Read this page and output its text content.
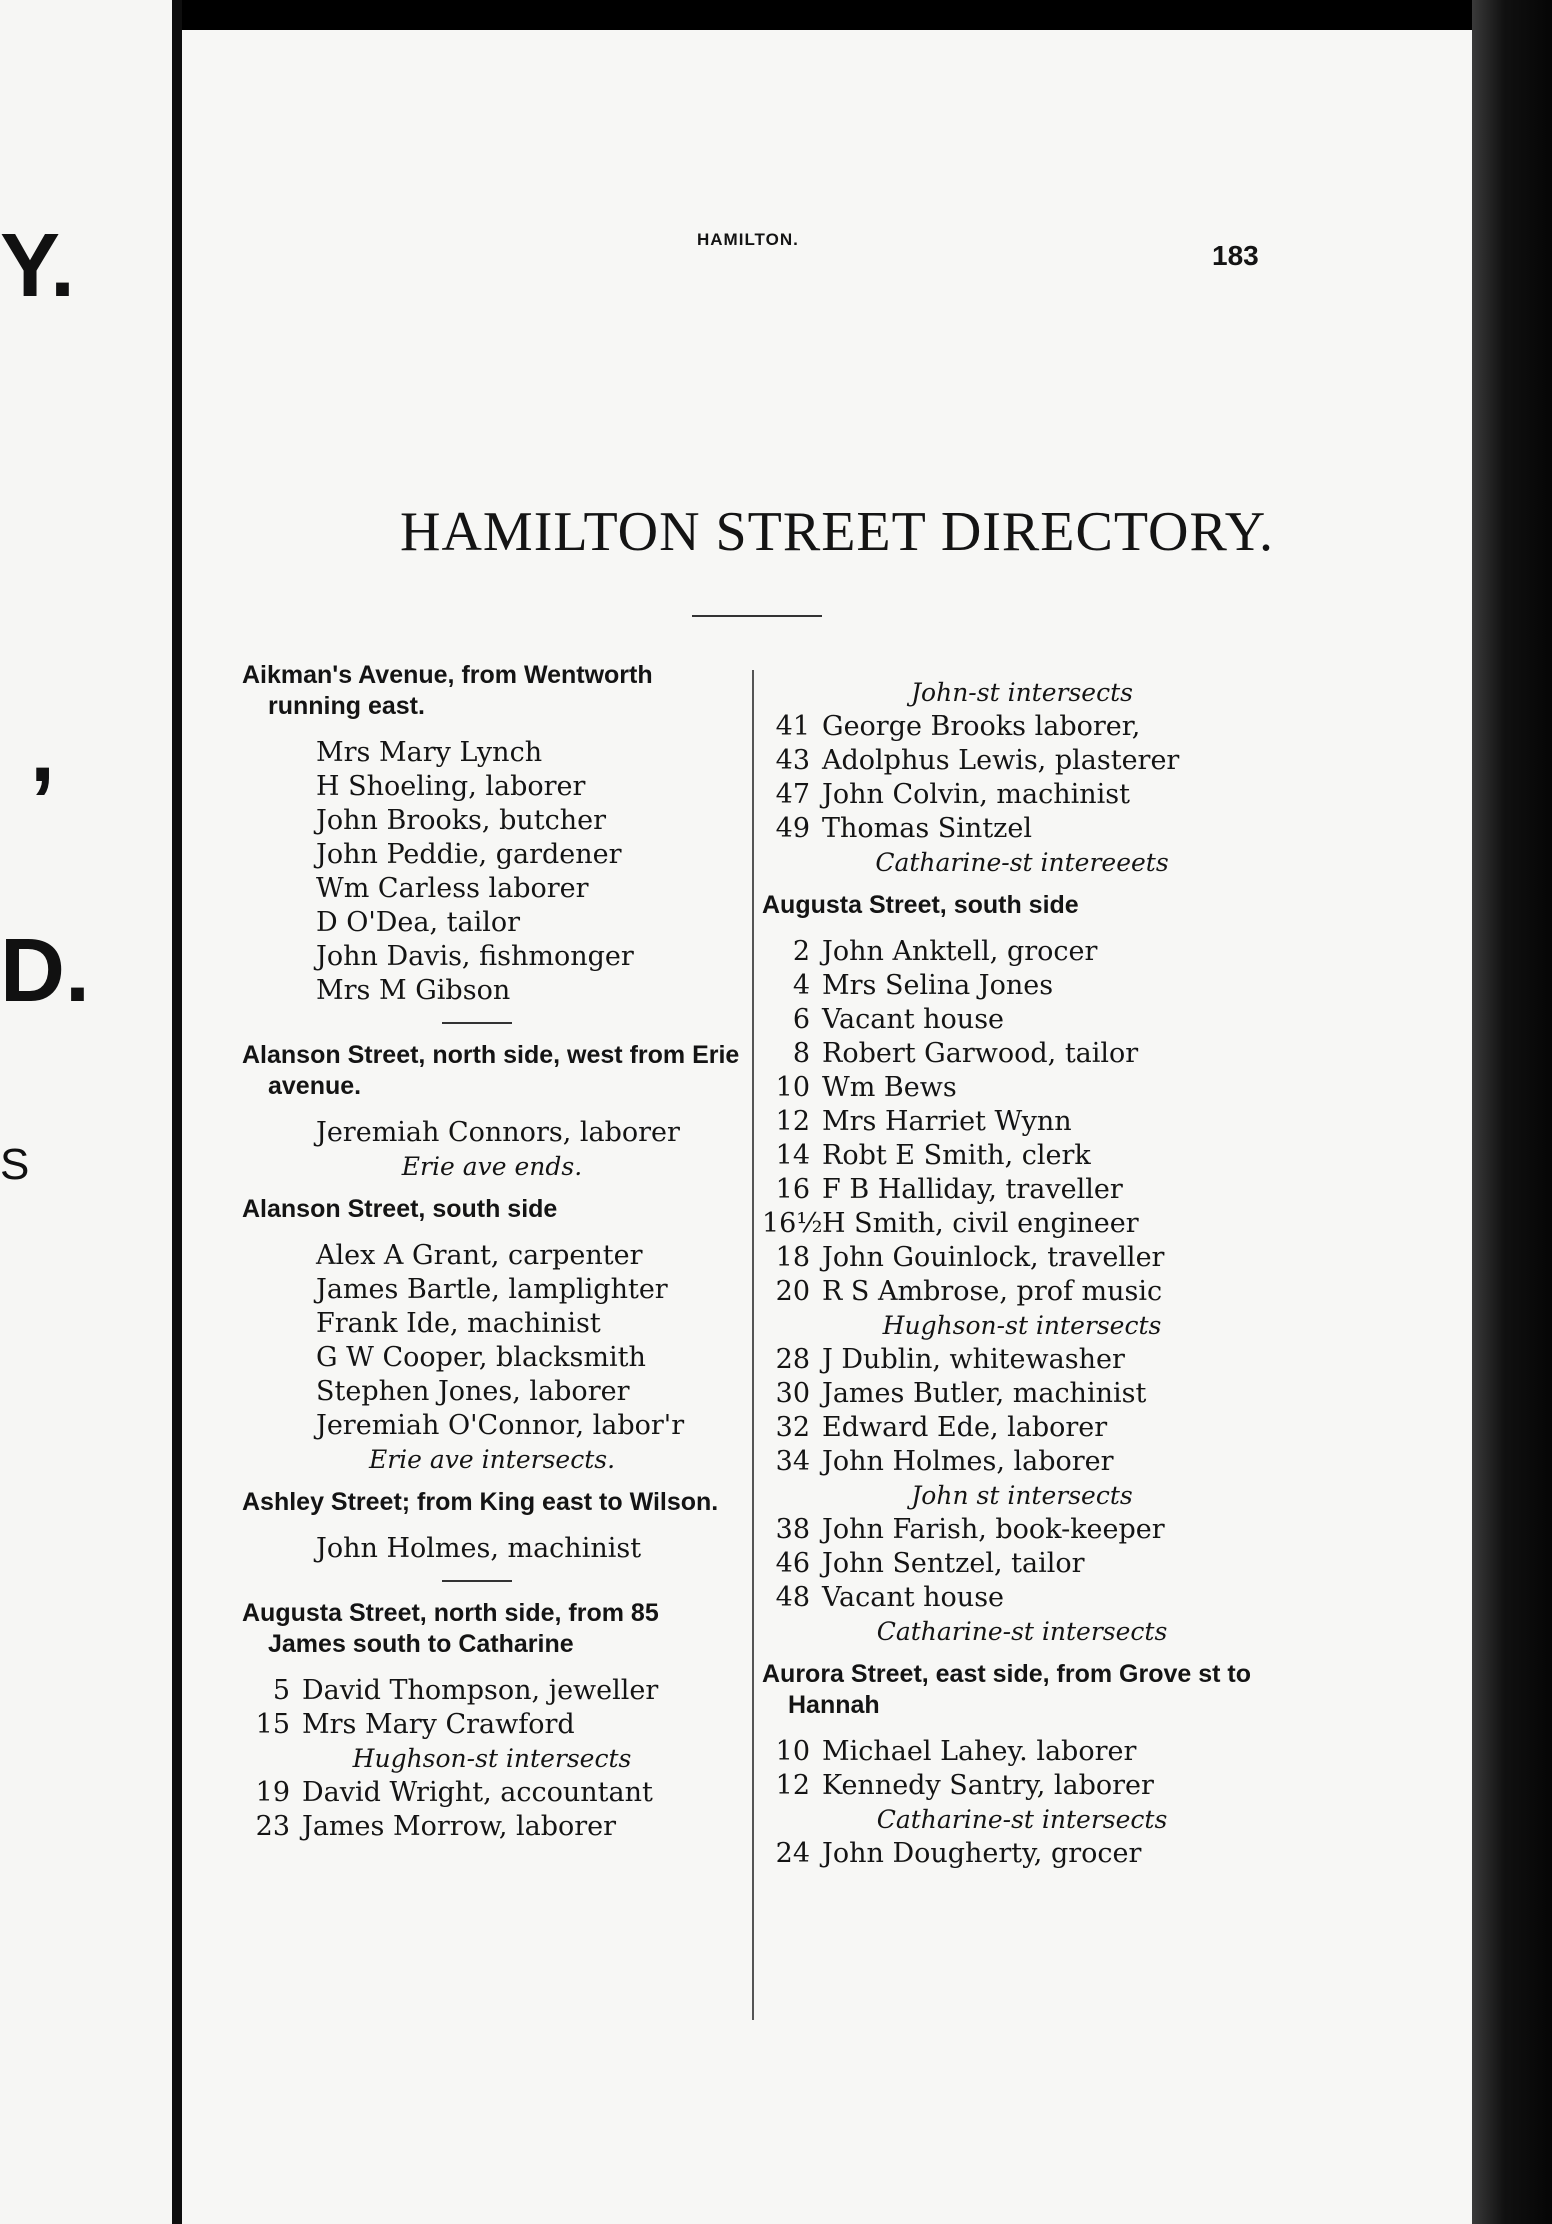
Y.
,
D.
S
HAMILTON.
183
HAMILTON STREET DIRECTORY.
Aikman's Avenue, from Wentworth running east.
Mrs Mary Lynch
H Shoeling, laborer
John Brooks, butcher
John Peddie, gardener
Wm Carless laborer
D O'Dea, tailor
John Davis, fishmonger
Mrs M Gibson
Alanson Street, north side, west from Erie avenue.
Jeremiah Connors, laborer
Erie ave ends.
Alanson Street, south side
Alex A Grant, carpenter
James Bartle, lamplighter
Frank Ide, machinist
G W Cooper, blacksmith
Stephen Jones, laborer
Jeremiah O'Connor, labor'r
Erie ave intersects.
Ashley Street; from King east to Wilson.
John Holmes, machinist
Augusta Street, north side, from 85 James south to Catharine
5 David Thompson, jeweller
15 Mrs Mary Crawford
Hughson-st intersects
19 David Wright, accountant
23 James Morrow, laborer
John-st intersects
41 George Brooks laborer,
43 Adolphus Lewis, plasterer
47 John Colvin, machinist
49 Thomas Sintzel
Catharine-st intereeets
Augusta Street, south side
2 John Anktell, grocer
4 Mrs Selina Jones
6 Vacant house
8 Robert Garwood, tailor
10 Wm Bews
12 Mrs Harriet Wynn
14 Robt E Smith, clerk
16 F B Halliday, traveller
16½H Smith, civil engineer
18 John Gouinlock, traveller
20 R S Ambrose, prof music
Hughson-st intersects
28 J Dublin, whitewasher
30 James Butler, machinist
32 Edward Ede, laborer
34 John Holmes, laborer
John st intersects
38 John Farish, book-keeper
46 John Sentzel, tailor
48 Vacant house
Catharine-st intersects
Aurora Street, east side, from Grove st to Hannah
10 Michael Lahey. laborer
12 Kennedy Santry, laborer
Catharine-st intersects
24 John Dougherty, grocer
